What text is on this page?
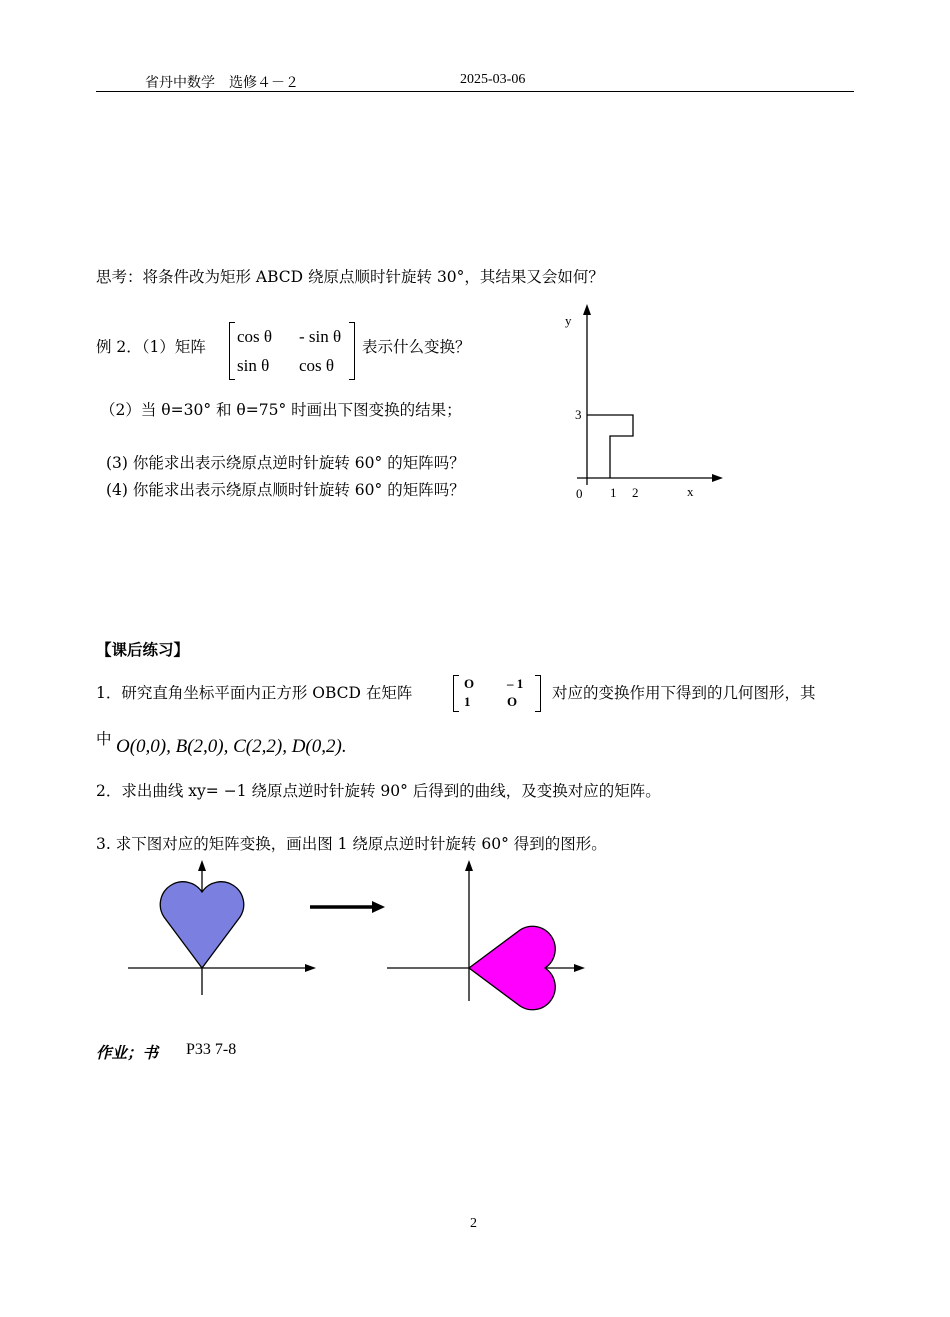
省丹中数学　选修４－２	2025-03-06
思考：将条件改为矩形 ABCD 绕原点顺时针旋转 30°，其结果又会如何？
例 2．（1）矩阵
cos θ	- sin θ
sin θ	cos θ
表示什么变换？
（2）当 θ=30° 和 θ=75° 时画出下图变换的结果；
(3) 你能求出表示绕原点逆时针旋转 60° 的矩阵吗？
(4) 你能求出表示绕原点顺时针旋转 60° 的矩阵吗？
y
x
0 1 2
3
【课后练习】
1．研究直角坐标平面内正方形 OBCD 在矩阵
O	– 1
1	O	对应的变换作用下得到的几何图形，其
中 O(0,0), B(2,0), C(2,2), D(0,2).
2．求出曲线 xy= −1 绕原点逆时针旋转 90° 后得到的曲线，及变换对应的矩阵。
3. 求下图对应的矩阵变换，画出图 1 绕原点逆时针旋转 60° 得到的图形。
作业；书 P33 7-8
2
